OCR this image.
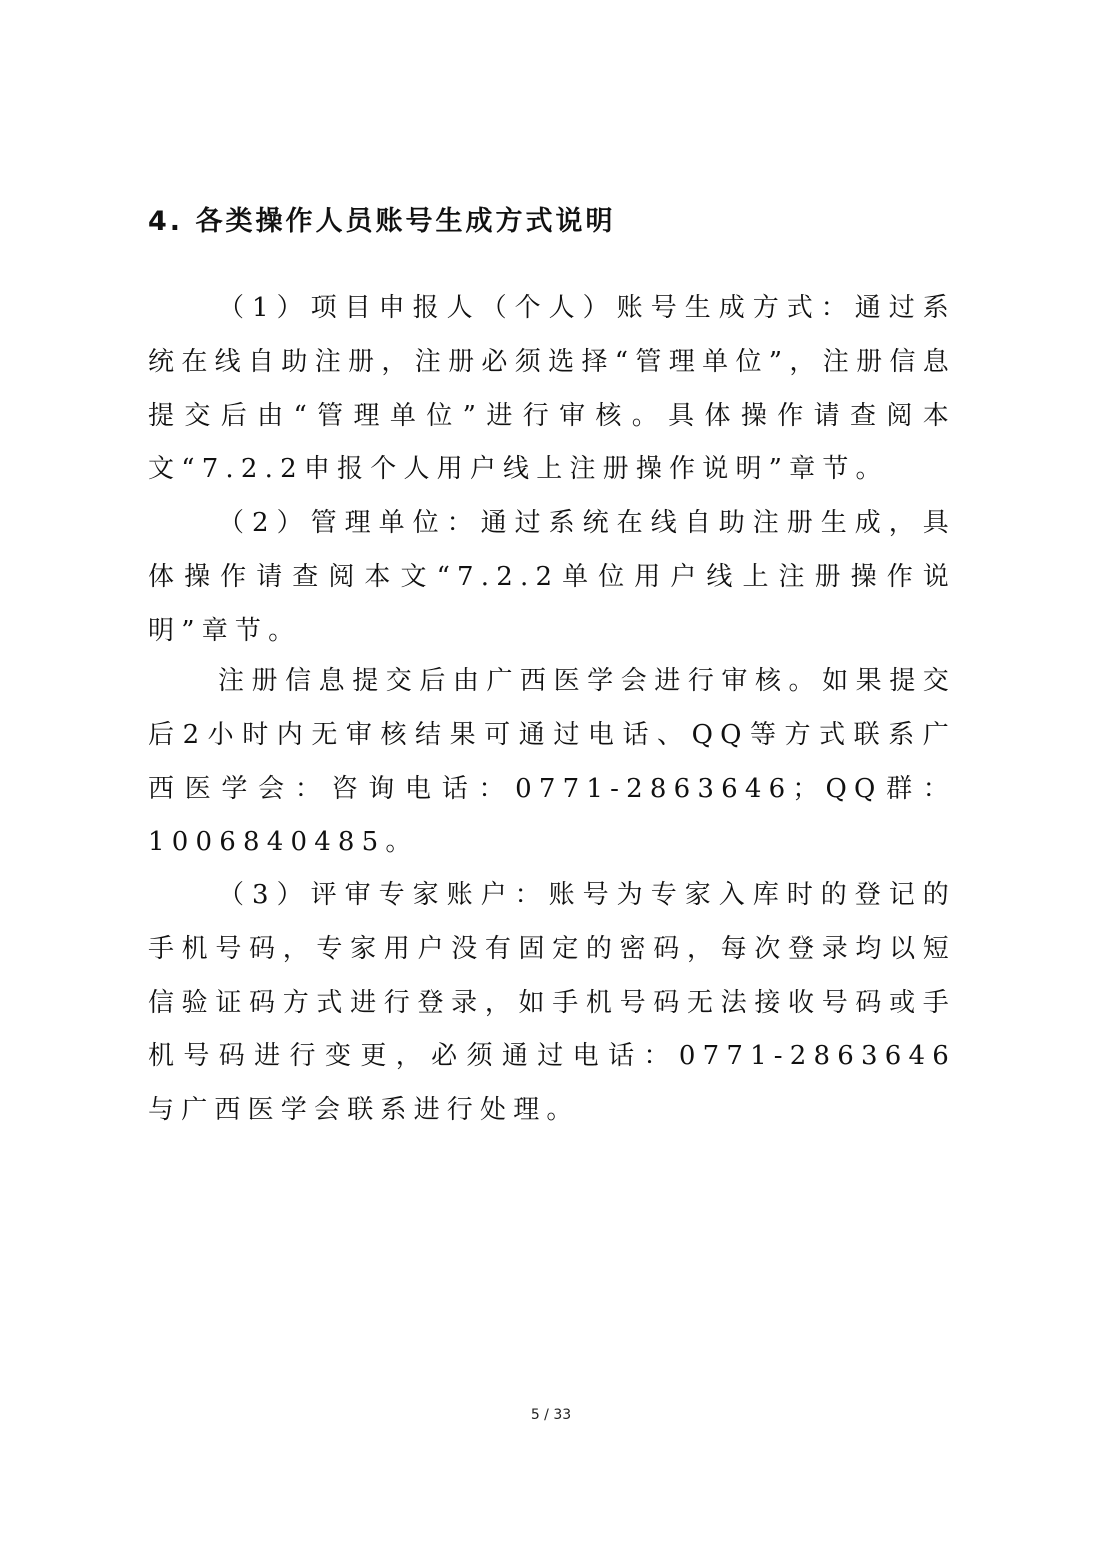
4. 各类操作人员账号生成方式说明

（1）项目申报人（个人）账号生成方式：通过系统在线自助注册，注册必须选择“管理单位”，注册信息提交后由“管理单位”进行审核。具体操作请查阅本文“7.2.2申报个人用户线上注册操作说明”章节。

（2）管理单位：通过系统在线自助注册生成，具体操作请查阅本文“7.2.2单位用户线上注册操作说明”章节。

注册信息提交后由广西医学会进行审核。如果提交后2小时内无审核结果可通过电话、QQ等方式联系广西医学会：咨询电话：0771-2863646；QQ群：1006840485。

（3）评审专家账户：账号为专家入库时的登记的手机号码，专家用户没有固定的密码，每次登录均以短信验证码方式进行登录，如手机号码无法接收号码或手机号码进行变更，必须通过电话：0771-2863646与广西医学会联系进行处理。

5 / 33
